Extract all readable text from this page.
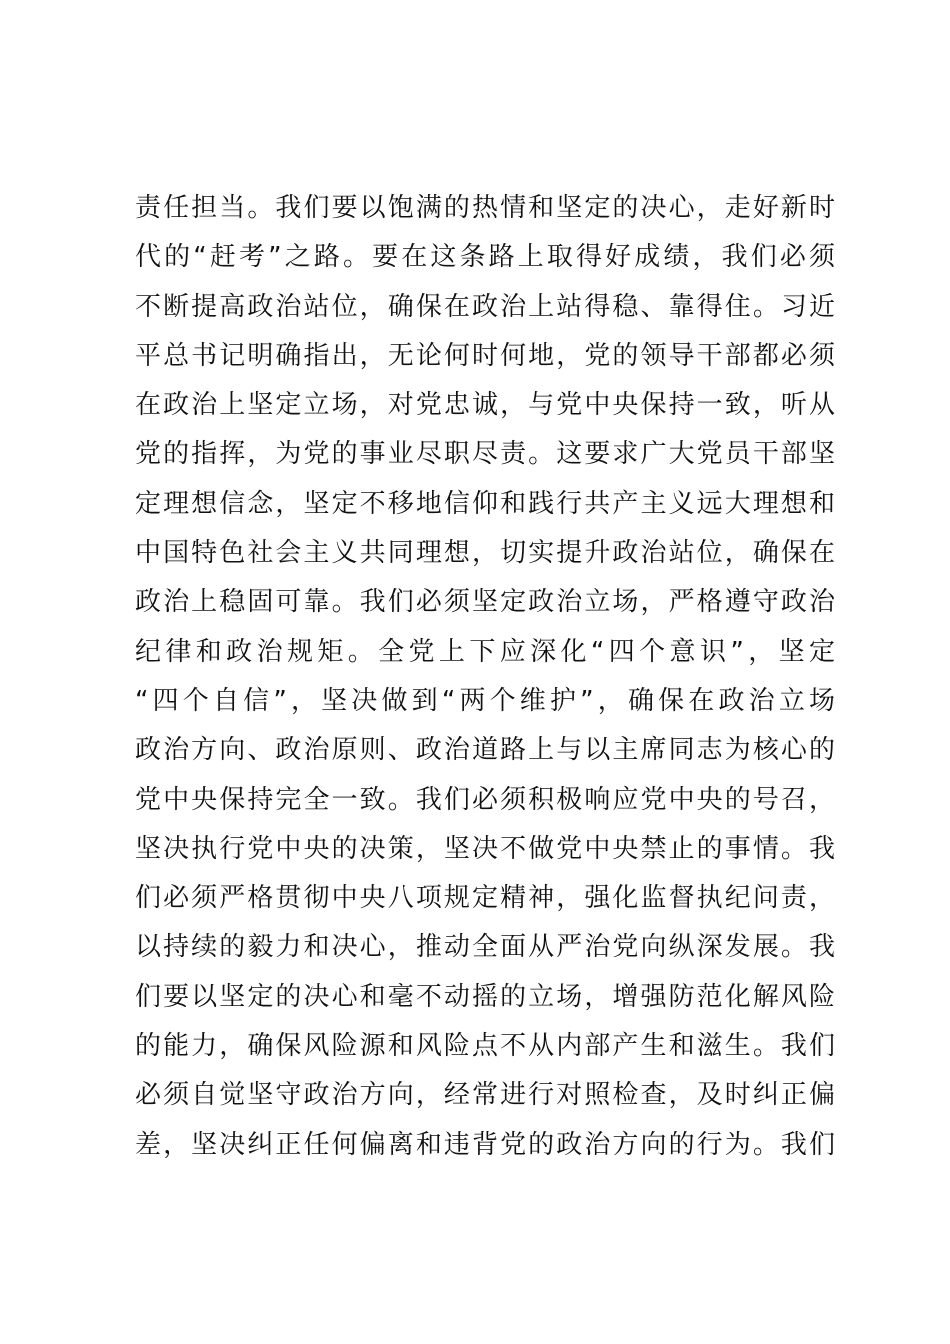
责任担当。我们要以饱满的热情和坚定的决心，走好新时
代的“赶考”之路。要在这条路上取得好成绩，我们必须
不断提高政治站位，确保在政治上站得稳、靠得住。习近
平总书记明确指出，无论何时何地，党的领导干部都必须
在政治上坚定立场，对党忠诚，与党中央保持一致，听从
党的指挥，为党的事业尽职尽责。这要求广大党员干部坚
定理想信念，坚定不移地信仰和践行共产主义远大理想和
中国特色社会主义共同理想，切实提升政治站位，确保在
政治上稳固可靠。我们必须坚定政治立场，严格遵守政治
纪律和政治规矩。全党上下应深化“四个意识”，坚定
“四个自信”，坚决做到“两个维护”，确保在政治立场
政治方向、政治原则、政治道路上与以主席同志为核心的
党中央保持完全一致。我们必须积极响应党中央的号召，
坚决执行党中央的决策，坚决不做党中央禁止的事情。我
们必须严格贯彻中央八项规定精神，强化监督执纪问责，
以持续的毅力和决心，推动全面从严治党向纵深发展。我
们要以坚定的决心和毫不动摇的立场，增强防范化解风险
的能力，确保风险源和风险点不从内部产生和滋生。我们
必须自觉坚守政治方向，经常进行对照检查，及时纠正偏
差，坚决纠正任何偏离和违背党的政治方向的行为。我们
